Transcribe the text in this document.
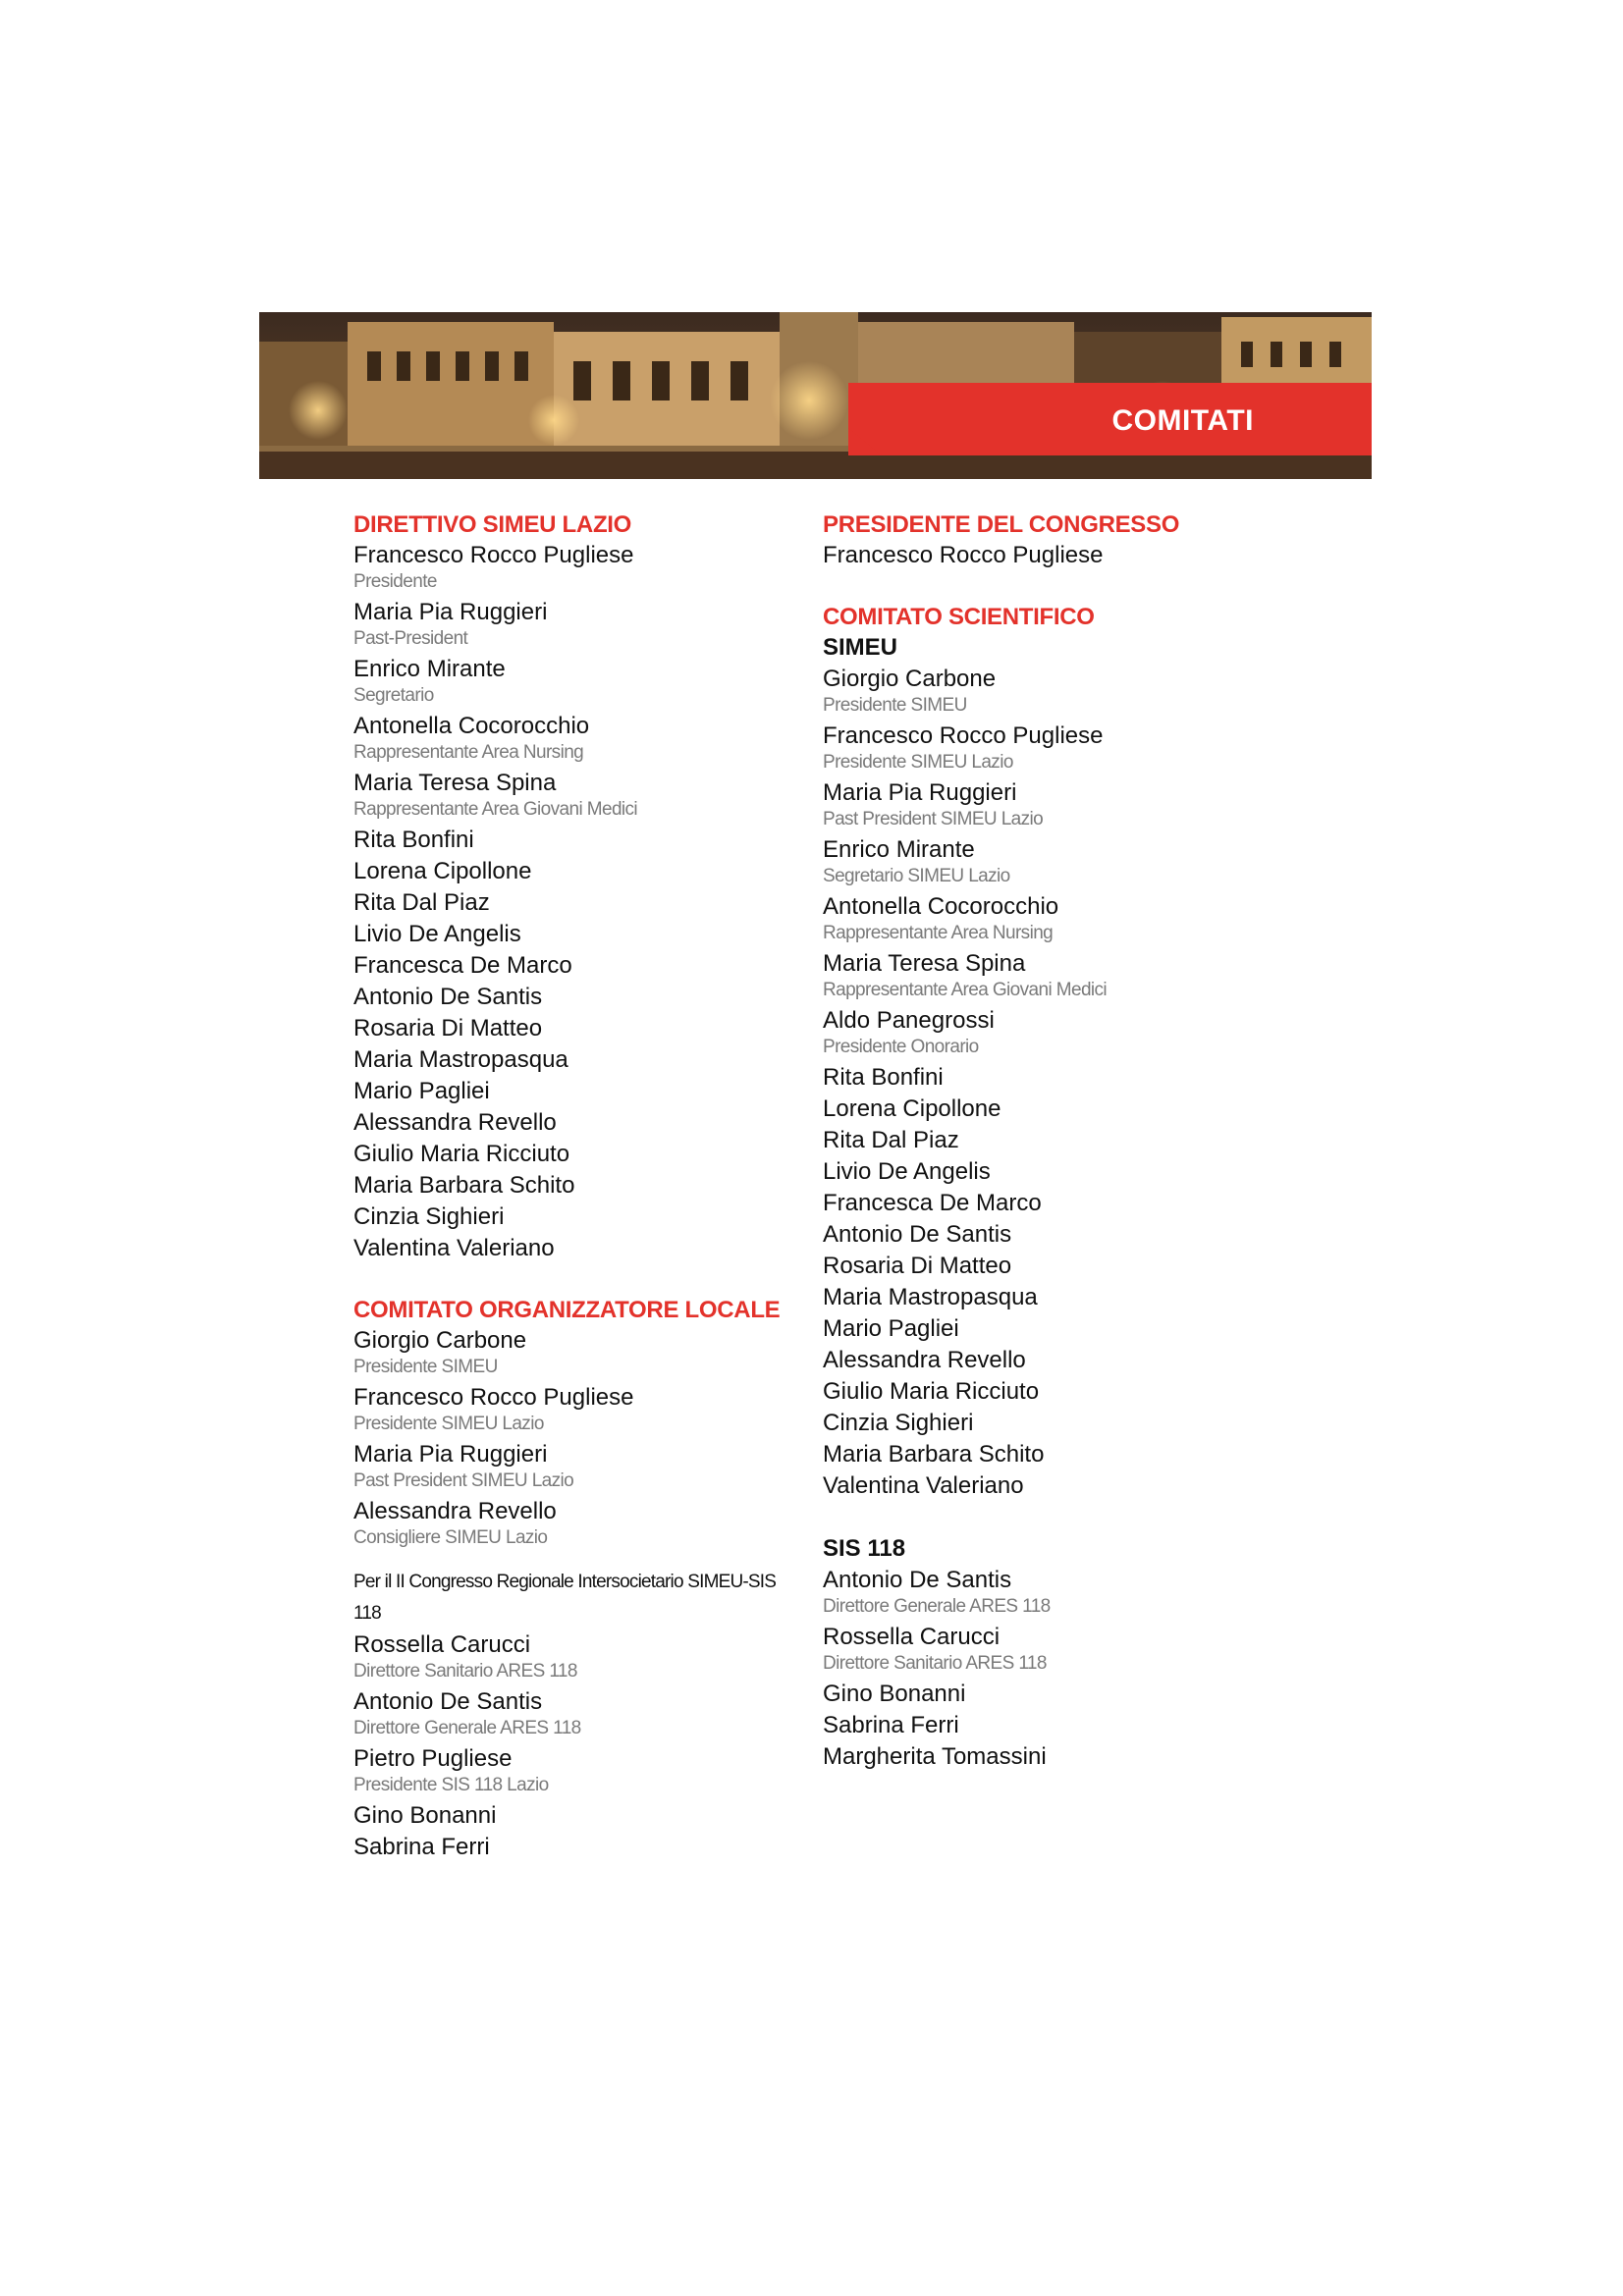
COMITATI
DIRETTIVO SIMEU LAZIO
Francesco Rocco Pugliese
Presidente
Maria Pia Ruggieri
Past-President
Enrico Mirante
Segretario
Antonella Cocorocchio
Rappresentante Area Nursing
Maria Teresa Spina
Rappresentante Area Giovani Medici
Rita Bonfini
Lorena Cipollone
Rita Dal Piaz
Livio De Angelis
Francesca De Marco
Antonio De Santis
Rosaria Di Matteo
Maria Mastropasqua
Mario Pagliei
Alessandra Revello
Giulio Maria Ricciuto
Maria Barbara Schito
Cinzia Sighieri
Valentina Valeriano
COMITATO ORGANIZZATORE LOCALE
Giorgio Carbone
Presidente SIMEU
Francesco Rocco Pugliese
Presidente SIMEU Lazio
Maria Pia Ruggieri
Past President SIMEU Lazio
Alessandra Revello
Consigliere SIMEU Lazio
Per il II Congresso Regionale Intersocietario SIMEU-SIS 118
Rossella Carucci
Direttore Sanitario ARES 118
Antonio De Santis
Direttore Generale ARES 118
Pietro Pugliese
Presidente SIS 118 Lazio
Gino Bonanni
Sabrina Ferri
PRESIDENTE DEL CONGRESSO
Francesco Rocco Pugliese
COMITATO SCIENTIFICO
SIMEU
Giorgio Carbone
Presidente SIMEU
Francesco Rocco Pugliese
Presidente SIMEU Lazio
Maria Pia Ruggieri
Past President SIMEU Lazio
Enrico Mirante
Segretario SIMEU Lazio
Antonella Cocorocchio
Rappresentante Area Nursing
Maria Teresa Spina
Rappresentante Area Giovani Medici
Aldo Panegrossi
Presidente Onorario
Rita Bonfini
Lorena Cipollone
Rita Dal Piaz
Livio De Angelis
Francesca De Marco
Antonio De Santis
Rosaria Di Matteo
Maria Mastropasqua
Mario Pagliei
Alessandra Revello
Giulio Maria Ricciuto
Cinzia Sighieri
Maria Barbara Schito
Valentina Valeriano
SIS 118
Antonio De Santis
Direttore Generale ARES 118
Rossella Carucci
Direttore Sanitario ARES 118
Gino Bonanni
Sabrina Ferri
Margherita Tomassini
